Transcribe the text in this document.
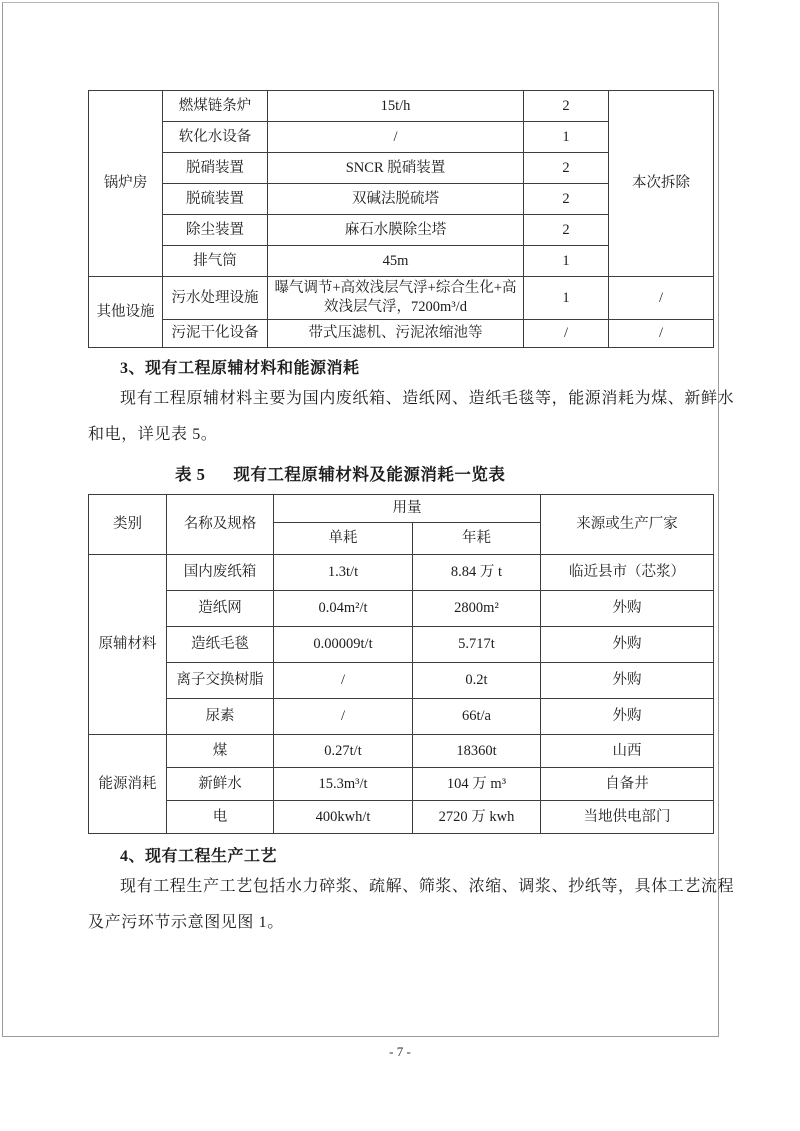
锅炉房	燃煤链条炉	15t/h	2	本次拆除
	软化水设备	/	1	
	脱硝装置	SNCR 脱硝装置	2	
	脱硫装置	双碱法脱硫塔	2	
	除尘装置	麻石水膜除尘塔	2	
	排气筒	45m	1	
其他设施	污水处理设施	曝气调节+高效浅层气浮+综合生化+高效浅层气浮，7200m³/d	1	/
	污泥干化设备	带式压滤机、污泥浓缩池等	/	/
3、现有工程原辅材料和能源消耗
现有工程原辅材料主要为国内废纸箱、造纸网、造纸毛毯等，能源消耗为煤、新鲜水
和电，详见表 5。
表 5 现有工程原辅材料及能源消耗一览表
类别	名称及规格	用量		来源或生产厂家
		单耗	年耗	
原辅材料	国内废纸箱	1.3t/t	8.84 万 t	临近县市（芯浆）
	造纸网	0.04m²/t	2800m²	外购
	造纸毛毯	0.00009t/t	5.717t	外购
	离子交换树脂	/	0.2t	外购
	尿素	/	66t/a	外购
能源消耗	煤	0.27t/t	18360t	山西
	新鲜水	15.3m³/t	104 万 m³	自备井
	电	400kwh/t	2720 万 kwh	当地供电部门
4、现有工程生产工艺
现有工程生产工艺包括水力碎浆、疏解、筛浆、浓缩、调浆、抄纸等，具体工艺流程
及产污环节示意图见图 1。
- 7 -
